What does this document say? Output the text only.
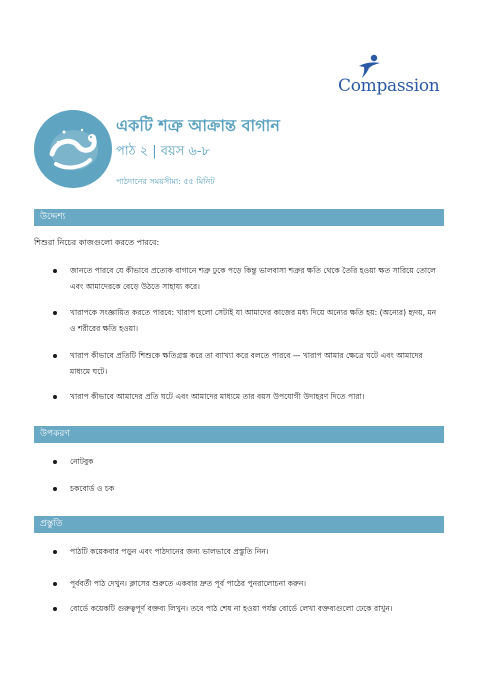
Compassion
একটি শত্রু আক্রান্ত বাগান
পাঠ ২ | বয়স ৬-৮
পাঠদানের সময়সীমা: ৫৫ মিনিট
উদ্দেশ্য
শিশুরা নিচের কাজগুলো করতে পারবে:
জানতে পারবে যে কীভাবে প্রত্যেক বাগানে শত্রু ঢুকে পড়ে কিন্তু ভালবাসা শত্রুর ক্ষতি থেকে তৈরি হওয়া ক্ষত সারিয়ে তোলে এবং আমাদেরকে বেড়ে উঠতে সাহায্য করে।
খারাপকে সংজ্ঞায়িত করতে পারবে: খারাপ হলো সেটাই যা আমাদের কাজের মধ্য দিয়ে অন্যের ক্ষতি হয়: (অন্যের) হৃদয়, মন ও শরীরের ক্ষতি হওয়া।
খারাপ কীভাবে প্রতিটি শিশুকে ক্ষতিগ্রস্ত করে তা ব্যাখ্যা করে বলতে পারবে — খারাপ আমার ক্ষেত্রে ঘটে এবং আমাদের মাধ্যমে ঘটে।
খারাপ কীভাবে আমাদের প্রতি ঘটে এবং আমাদের মাধ্যমে তার বয়স উপযোগী উদাহরণ দিতে পারা।
উপকরণ
নোটবুক
চকবোর্ড ও চক
প্রস্তুতি
পাঠটি কয়েকবার পড়ুন এবং পাঠদানের জন্য ভালভাবে প্রস্তুতি নিন।
পূর্ববর্তী পাঠ দেখুন। ক্লাসের শুরুতে একবার দ্রুত পূর্ব পাঠের পুনরালোচনা করুন।
বোর্ডে কয়েকটি গুরুত্বপূর্ণ বক্তব্য লিখুন। তবে পাঠ শেষ না হওয়া পর্যন্ত বোর্ডে লেখা বক্তব্যগুলো ঢেকে রাখুন।
